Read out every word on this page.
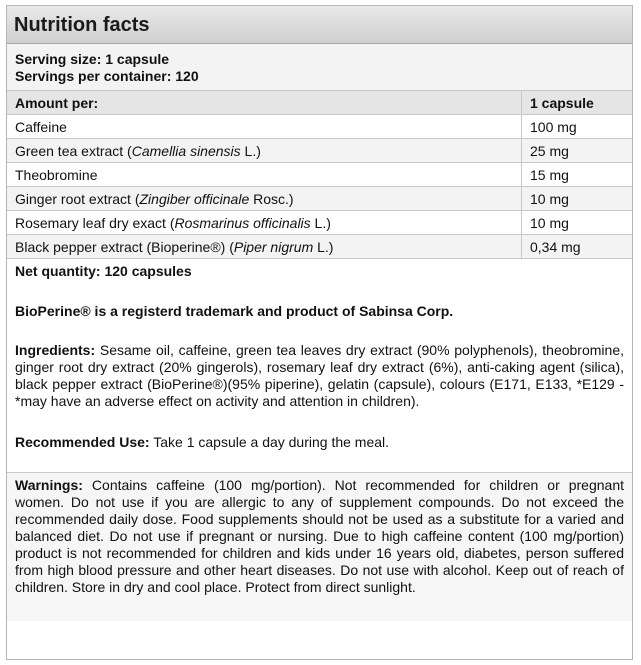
Nutrition facts
Serving size: 1 capsule
Servings per container: 120
Amount per:	1 capsule
Caffeine	100 mg
Green tea extract (Camellia sinensis L.)	25 mg
Theobromine	15 mg
Ginger root extract (Zingiber officinale Rosc.)	10 mg
Rosemary leaf dry exact (Rosmarinus officinalis L.)	10 mg
Black pepper extract (Bioperine®) (Piper nigrum L.)	0,34 mg
Net quantity: 120 capsules
BioPerine® is a registerd trademark and product of Sabinsa Corp.
Ingredients: Sesame oil, caffeine, green tea leaves dry extract (90% polyphenols), theobromine, ginger root dry extract (20% gingerols), rosemary leaf dry extract (6%), anti-caking agent (silica), black pepper extract (BioPerine®)(95% piperine), gelatin (capsule), colours (E171, E133, *E129 - *may have an adverse effect on activity and attention in children).
Recommended Use: Take 1 capsule a day during the meal.
Warnings: Contains caffeine (100 mg/portion). Not recommended for children or pregnant women. Do not use if you are allergic to any of supplement compounds. Do not exceed the recommended daily dose. Food supplements should not be used as a substitute for a varied and balanced diet. Do not use if pregnant or nursing. Due to high caffeine content (100 mg/portion) product is not recommended for children and kids under 16 years old, diabetes, person suffered from high blood pressure and other heart diseases. Do not use with alcohol. Keep out of reach of children. Store in dry and cool place. Protect from direct sunlight.
